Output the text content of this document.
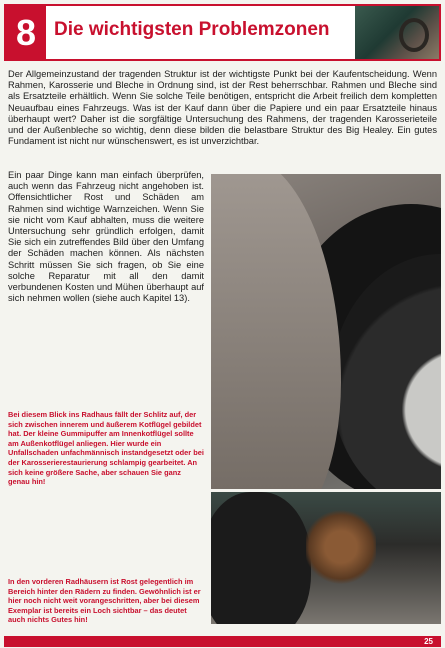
8 Die wichtigsten Problemzonen

Der Allgemeinzustand der tragenden Struktur ist der wichtigste Punkt bei der Kaufentscheidung. Wenn Rahmen, Karosserie und Bleche in Ordnung sind, ist der Rest beherrschbar. Rahmen und Bleche sind als Ersatzteile erhältlich. Wenn Sie solche Teile benötigen, entspricht die Arbeit freilich dem kompletten Neuaufbau eines Fahrzeugs. Was ist der Kauf dann über die Papiere und ein paar Ersatzteile hinaus überhaupt wert? Daher ist die sorgfältige Untersuchung des Rahmens, der tragenden Karosserieteile und der Außenbleche so wichtig, denn diese bilden die belastbare Struktur des Big Healey. Ein gutes Fundament ist nicht nur wünschenswert, es ist unverzichtbar.

Ein paar Dinge kann man einfach überprüfen, auch wenn das Fahrzeug nicht angehoben ist. Offensichtlicher Rost und Schäden am Rahmen sind wichtige Warnzeichen. Wenn Sie sie nicht vom Kauf abhalten, muss die weitere Untersuchung sehr gründlich erfolgen, damit Sie sich ein zutreffendes Bild über den Umfang der Schäden machen können. Als nächsten Schritt müssen Sie sich fragen, ob Sie eine solche Reparatur mit all den damit verbundenen Kosten und Mühen überhaupt auf sich nehmen wollen (siehe auch Kapitel 13).

Bei diesem Blick ins Radhaus fällt der Schlitz auf, der sich zwischen innerem und äußerem Kotflügel gebildet hat. Der kleine Gummipuffer am Innenkotflügel sollte am Außenkotflügel anliegen. Hier wurde ein Unfallschaden unfachmännisch instandgesetzt oder bei der Karosserierestaurierung schlampig gearbeitet. An sich keine größere Sache, aber schauen Sie ganz genau hin!

In den vorderen Radhäusern ist Rost gelegentlich im Bereich hinter den Rädern zu finden. Gewöhnlich ist er hier noch nicht weit vorangeschritten, aber bei diesem Exemplar ist bereits ein Loch sichtbar – das deutet auch nichts Gutes hin!

25
